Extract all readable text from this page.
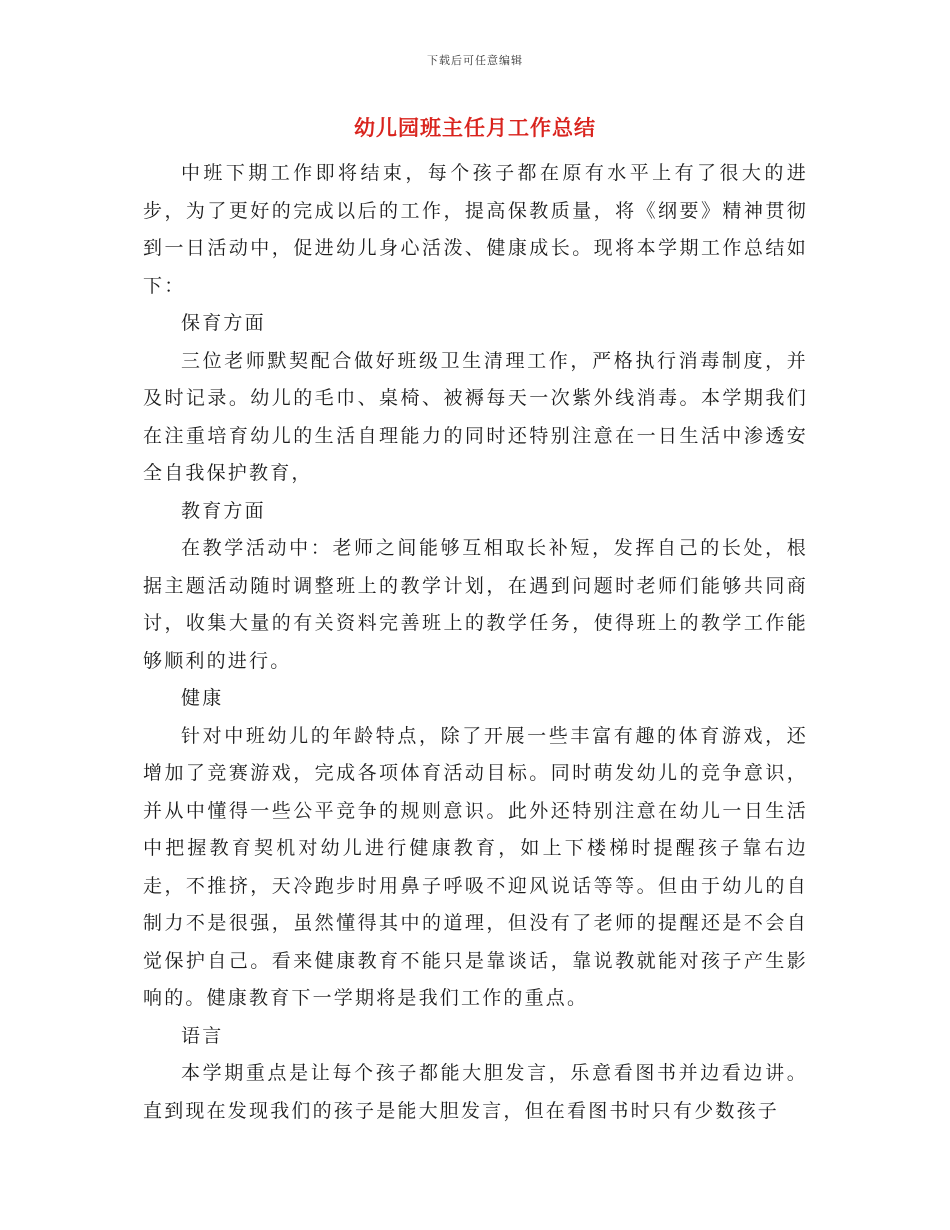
下载后可任意编辑
幼儿园班主任月工作总结

中班下期工作即将结束，每个孩子都在原有水平上有了很大的进步，为了更好的完成以后的工作，提高保教质量，将《纲要》精神贯彻到一日活动中，促进幼儿身心活泼、健康成长。现将本学期工作总结如下：

保育方面

三位老师默契配合做好班级卫生清理工作，严格执行消毒制度，并及时记录。幼儿的毛巾、桌椅、被褥每天一次紫外线消毒。本学期我们在注重培育幼儿的生活自理能力的同时还特别注意在一日生活中渗透安全自我保护教育，

教育方面

在教学活动中：老师之间能够互相取长补短，发挥自己的长处，根据主题活动随时调整班上的教学计划，在遇到问题时老师们能够共同商讨，收集大量的有关资料完善班上的教学任务，使得班上的教学工作能够顺利的进行。

健康

针对中班幼儿的年龄特点，除了开展一些丰富有趣的体育游戏，还增加了竞赛游戏，完成各项体育活动目标。同时萌发幼儿的竞争意识，并从中懂得一些公平竞争的规则意识。此外还特别注意在幼儿一日生活中把握教育契机对幼儿进行健康教育，如上下楼梯时提醒孩子靠右边走，不推挤，天冷跑步时用鼻子呼吸不迎风说话等等。但由于幼儿的自制力不是很强，虽然懂得其中的道理，但没有了老师的提醒还是不会自觉保护自己。看来健康教育不能只是靠谈话，靠说教就能对孩子产生影响的。健康教育下一学期将是我们工作的重点。

语言

本学期重点是让每个孩子都能大胆发言，乐意看图书并边看边讲。直到现在发现我们的孩子是能大胆发言，但在看图书时只有少数孩子
